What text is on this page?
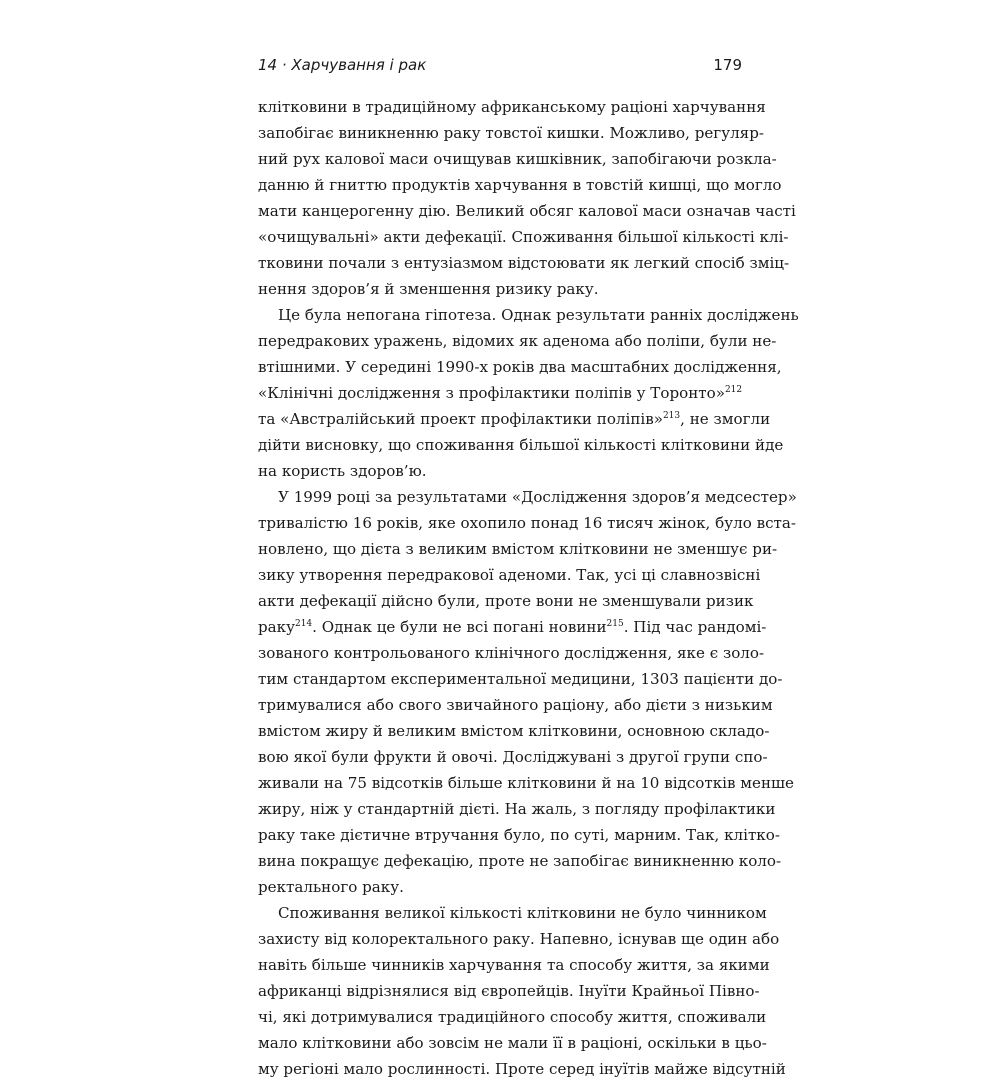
14 · Харчування і рак	179
клітковини в традиційному африканському раціоні харчування
запобігає виникненню раку товстої кишки. Можливо, регуляр-
ний рух калової маси очищував кишківник, запобігаючи розкла-
данню й гниттю продуктів харчування в товстій кишці, що могло
мати канцерогенну дію. Великий обсяг калової маси означав часті
«очищувальні» акти дефекації. Споживання більшої кількості клі-
тковини почали з ентузіазмом відстоювати як легкий спосіб зміц-
нення здоров’я й зменшення ризику раку.
Це була непогана гіпотеза. Однак результати ранніх досліджень
передракових уражень, відомих як аденома або поліпи, були не-
втішними. У середині 1990-х років два масштабних дослідження,
«Клінічні дослідження з профілактики поліпів у Торонто»$^{212}$
та «Австралійський проект профілактики поліпів»$^{213}$, не змогли
дійти висновку, що споживання більшої кількості клітковини йде
на користь здоров’ю.
У 1999 році за результатами «Дослідження здоров’я медсестер»
тривалістю 16 років, яке охопило понад 16 тисяч жінок, було вста-
новлено, що дієта з великим вмістом клітковини не зменшує ри-
зику утворення передракової аденоми. Так, усі ці славнозвісні
акти дефекації дійсно були, проте вони не зменшували ризик
раку$^{214}$. Однак це були не всі погані новини$^{215}$. Під час рандомі-
зованого контрольованого клінічного дослідження, яке є золо-
тим стандартом експериментальної медицини, 1303 пацієнти до-
тримувалися або свого звичайного раціону, або дієти з низьким
вмістом жиру й великим вмістом клітковини, основною складо-
вою якої були фрукти й овочі. Досліджувані з другої групи спо-
живали на 75 відсотків більше клітковини й на 10 відсотків менше
жиру, ніж у стандартній дієті. На жаль, з погляду профілактики
раку таке дієтичне втручання було, по суті, марним. Так, клітко-
вина покращує дефекацію, проте не запобігає виникненню коло-
ректального раку.
Споживання великої кількості клітковини не було чинником
захисту від колоректального раку. Напевно, існував ще один або
навіть більше чинників харчування та способу життя, за якими
африканці відрізнялися від європейців. Інуїти Крайньої Півно-
чі, які дотримувалися традиційного способу життя, споживали
мало клітковини або зовсім не мали її в раціоні, оскільки в цьо-
му регіоні мало рослинності. Проте серед інуїтів майже відсутній
